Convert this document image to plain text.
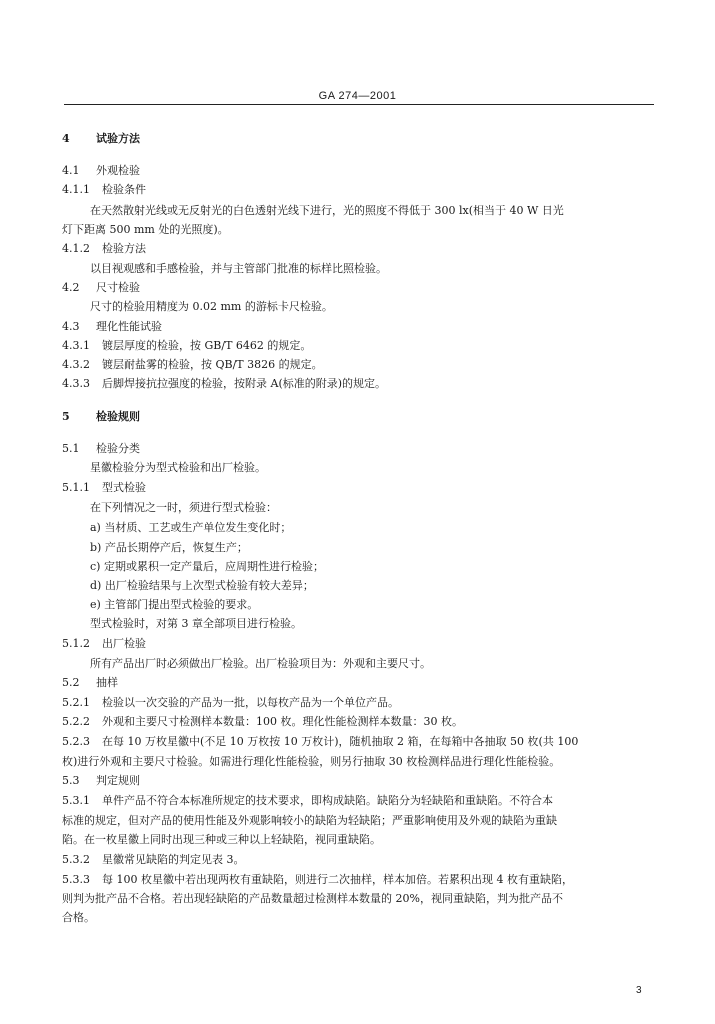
GA 274—2001
4 试验方法
4.1 外观检验
4.1.1 检验条件
在天然散射光线或无反射光的白色透射光线下进行，光的照度不得低于 300 lx(相当于 40 W 日光
灯下距离 500 mm 处的光照度)。
4.1.2 检验方法
以目视观感和手感检验，并与主管部门批准的标样比照检验。
4.2 尺寸检验
尺寸的检验用精度为 0.02 mm 的游标卡尺检验。
4.3 理化性能试验
4.3.1 镀层厚度的检验，按 GB/T 6462 的规定。
4.3.2 镀层耐盐雾的检验，按 QB/T 3826 的规定。
4.3.3 后脚焊接抗拉强度的检验，按附录 A(标准的附录)的规定。
5 检验规则
5.1 检验分类
星徽检验分为型式检验和出厂检验。
5.1.1 型式检验
在下列情况之一时，须进行型式检验：
a) 当材质、工艺或生产单位发生变化时；
b) 产品长期停产后，恢复生产；
c) 定期或累积一定产量后，应周期性进行检验；
d) 出厂检验结果与上次型式检验有较大差异；
e) 主管部门提出型式检验的要求。
型式检验时，对第 3 章全部项目进行检验。
5.1.2 出厂检验
所有产品出厂时必须做出厂检验。出厂检验项目为：外观和主要尺寸。
5.2 抽样
5.2.1 检验以一次交验的产品为一批，以每枚产品为一个单位产品。
5.2.2 外观和主要尺寸检测样本数量：100 枚。理化性能检测样本数量：30 枚。
5.2.3 在每 10 万枚星徽中(不足 10 万枚按 10 万枚计)，随机抽取 2 箱，在每箱中各抽取 50 枚(共 100
枚)进行外观和主要尺寸检验。如需进行理化性能检验，则另行抽取 30 枚检测样品进行理化性能检验。
5.3 判定规则
5.3.1 单件产品不符合本标准所规定的技术要求，即构成缺陷。缺陷分为轻缺陷和重缺陷。不符合本
标准的规定，但对产品的使用性能及外观影响较小的缺陷为轻缺陷；严重影响使用及外观的缺陷为重缺
陷。在一枚星徽上同时出现三种或三种以上轻缺陷，视同重缺陷。
5.3.2 星徽常见缺陷的判定见表 3。
5.3.3 每 100 枚星徽中若出现两枚有重缺陷，则进行二次抽样，样本加倍。若累积出现 4 枚有重缺陷，
则判为批产品不合格。若出现轻缺陷的产品数量超过检测样本数量的 20%，视同重缺陷，判为批产品不
合格。
3
